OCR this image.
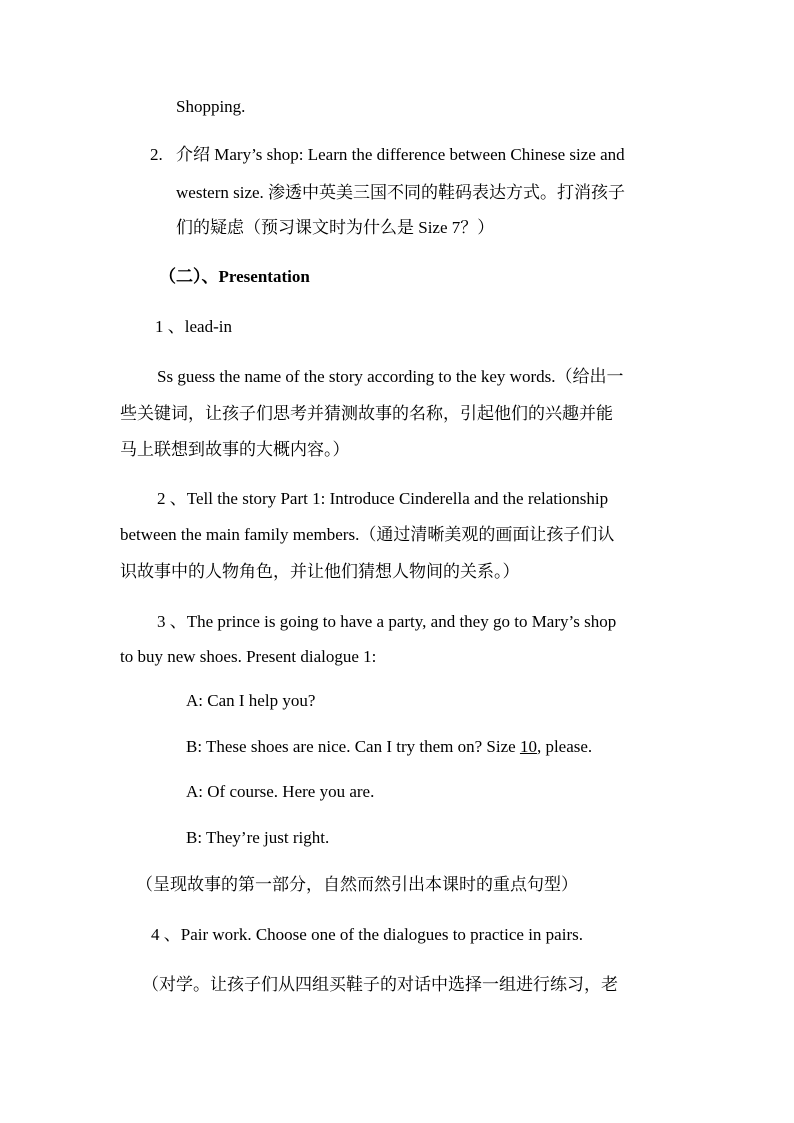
Shopping.
2. 介绍 Mary’s shop: Learn the difference between Chinese size and
western size. 渗透中英美三国不同的鞋码表达方式。打消孩子
们的疑虑（预习课文时为什么是 Size 7？）
（二）、Presentation
1 、lead-in
Ss guess the name of the story according to the key words.（给出一
些关键词，让孩子们思考并猜测故事的名称，引起他们的兴趣并能
马上联想到故事的大概内容。）
2 、Tell the story Part 1: Introduce Cinderella and the relationship
between the main family members.（通过清晰美观的画面让孩子们认
识故事中的人物角色，并让他们猜想人物间的关系。）
3 、The prince is going to have a party, and they go to Mary’s shop
to buy new shoes. Present dialogue 1:
A: Can I help you?
B: These shoes are nice. Can I try them on? Size 10, please.
A: Of course. Here you are.
B: They’re just right.
（呈现故事的第一部分，自然而然引出本课时的重点句型）
4 、Pair work. Choose one of the dialogues to practice in pairs.
（对学。让孩子们从四组买鞋子的对话中选择一组进行练习，老
